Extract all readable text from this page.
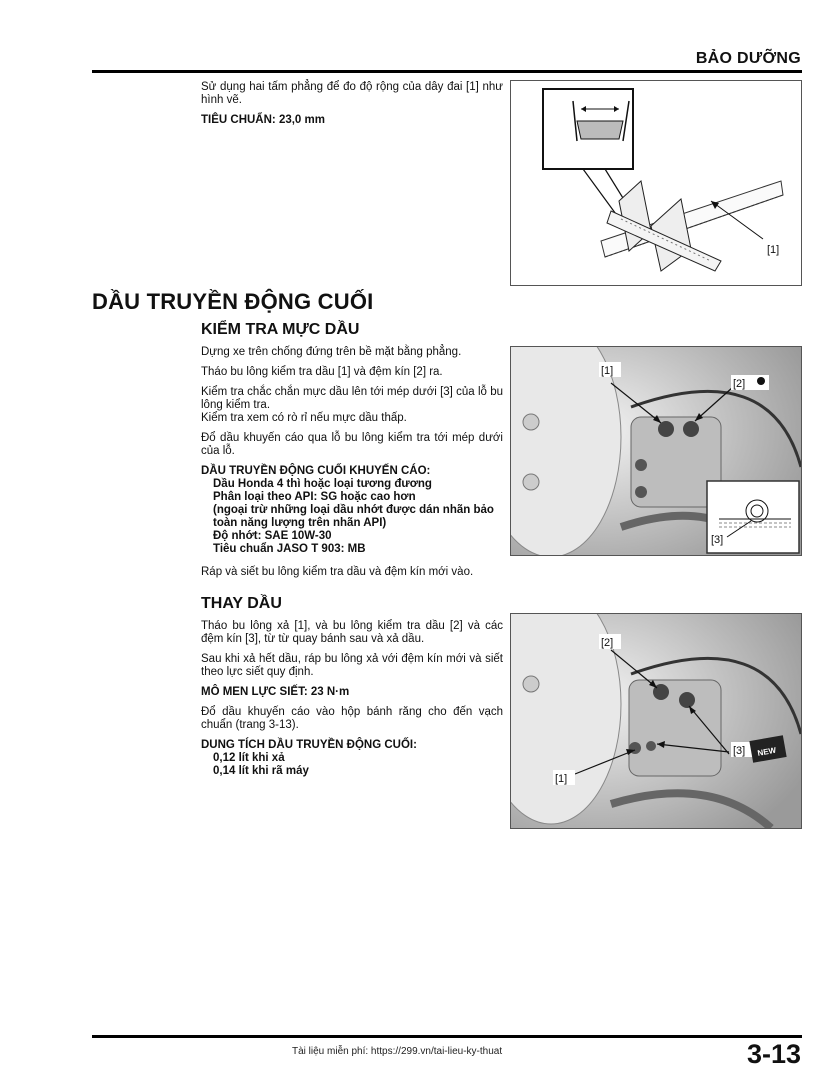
BẢO DƯỠNG

Sử dụng hai tấm phẳng để đo độ rộng của dây đai [1] như hình vẽ.

TIÊU CHUẨN: 23,0 mm

[1]
DẦU TRUYỀN ĐỘNG CUỐI
KIỂM TRA MỰC DẦU

Dựng xe trên chống đứng trên bề mặt bằng phẳng.

Tháo bu lông kiểm tra dầu [1] và đệm kín [2] ra.

Kiểm tra chắc chắn mực dầu lên tới mép dưới [3] của lỗ bu lông kiểm tra.

Kiểm tra xem có rò rỉ nếu mực dầu thấp.

Đổ dầu khuyến cáo qua lỗ bu lông kiểm tra tới mép dưới của lỗ.

DẦU TRUYỀN ĐỘNG CUỐI KHUYẾN CÁO:
Dầu Honda 4 thì hoặc loại tương đương
Phân loại theo API: SG hoặc cao hơn
(ngoại trừ những loại dầu nhớt được dán nhãn bảo toàn năng lượng trên nhãn API)
Độ nhớt: SAE 10W-30
Tiêu chuẩn JASO T 903: MB

Ráp và siết bu lông kiểm tra dầu và đệm kín mới vào.

[1]
[2]
[3]
THAY DẦU

Tháo bu lông xả [1], và bu lông kiểm tra dầu [2] và các đệm kín [3], từ từ quay bánh sau và xả dầu.

Sau khi xả hết dầu, ráp bu lông xả với đệm kín mới và siết theo lực siết quy định.

MÔ MEN LỰC SIẾT: 23 N·m

Đổ dầu khuyến cáo vào hộp bánh răng cho đến vạch chuẩn (trang 3-13).

DUNG TÍCH DẦU TRUYỀN ĐỘNG CUỐI:
0,12 lít khi xả
0,14 lít khi rã máy
[2]
[3] NEW
[1]
Tài liệu miễn phí: https://299.vn/tai-lieu-ky-thuat	3-13
